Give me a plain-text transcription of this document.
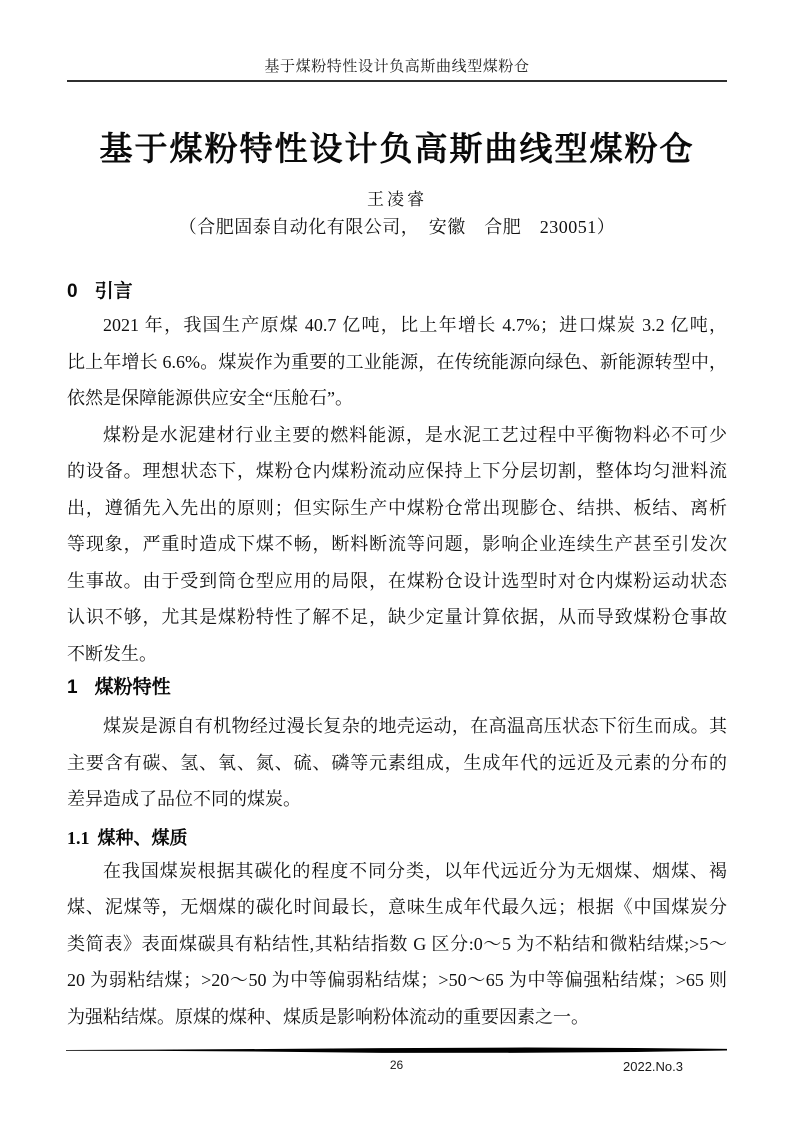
基于煤粉特性设计负高斯曲线型煤粉仓
基于煤粉特性设计负高斯曲线型煤粉仓
王凌睿
（合肥固泰自动化有限公司，　安徽　合肥　230051）
0 引言
2021 年，我国生产原煤 40.7 亿吨，比上年增长 4.7%；进口煤炭 3.2 亿吨，
比上年增长 6.6%。煤炭作为重要的工业能源，在传统能源向绿色、新能源转型中，
依然是保障能源供应安全“压舱石”。
煤粉是水泥建材行业主要的燃料能源，是水泥工艺过程中平衡物料必不可少
的设备。理想状态下，煤粉仓内煤粉流动应保持上下分层切割，整体均匀泄料流
出，遵循先入先出的原则；但实际生产中煤粉仓常出现膨仓、结拱、板结、离析
等现象，严重时造成下煤不畅，断料断流等问题，影响企业连续生产甚至引发次
生事故。由于受到筒仓型应用的局限，在煤粉仓设计选型时对仓内煤粉运动状态
认识不够，尤其是煤粉特性了解不足，缺少定量计算依据，从而导致煤粉仓事故
不断发生。
1 煤粉特性
煤炭是源自有机物经过漫长复杂的地壳运动，在高温高压状态下衍生而成。其
主要含有碳、氢、氧、氮、硫、磷等元素组成，生成年代的远近及元素的分布的
差异造成了品位不同的煤炭。
1.1 煤种、煤质
在我国煤炭根据其碳化的程度不同分类，以年代远近分为无烟煤、烟煤、褐
煤、泥煤等，无烟煤的碳化时间最长，意味生成年代最久远；根据《中国煤炭分
类简表》表面煤碳具有粘结性,其粘结指数 G 区分:0～5 为不粘结和微粘结煤;>5～
20 为弱粘结煤；>20～50 为中等偏弱粘结煤；>50～65 为中等偏强粘结煤；>65 则
为强粘结煤。原煤的煤种、煤质是影响粉体流动的重要因素之一。
26	2022.No.3
